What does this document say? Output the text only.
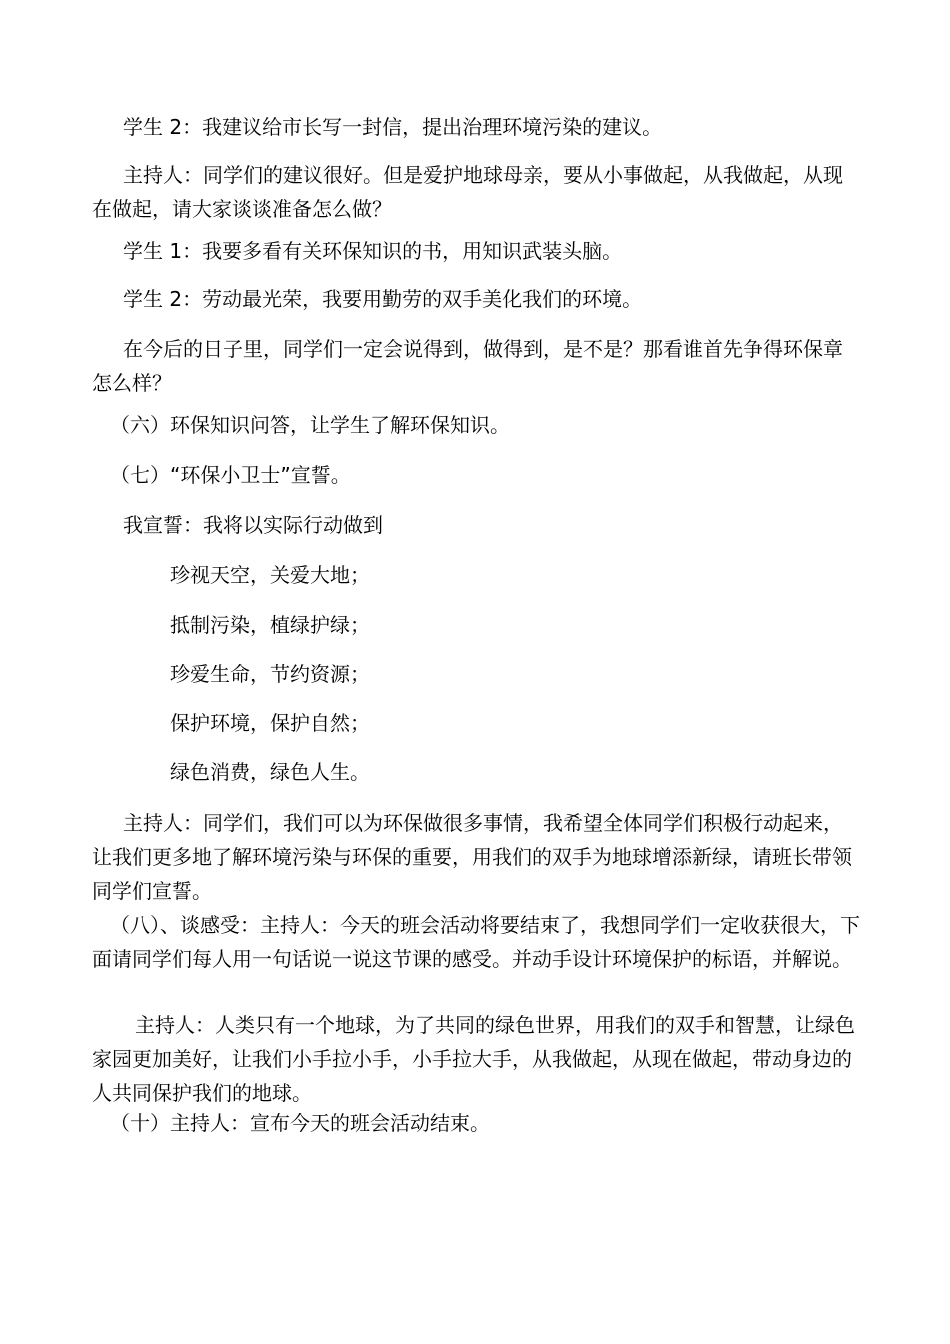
学生 2：我建议给市长写一封信，提出治理环境污染的建议。

主持人：同学们的建议很好。但是爱护地球母亲，要从小事做起，从我做起，从现在做起，请大家谈谈准备怎么做？

学生 1：我要多看有关环保知识的书，用知识武装头脑。

学生 2：劳动最光荣，我要用勤劳的双手美化我们的环境。

在今后的日子里，同学们一定会说得到，做得到，是不是？那看谁首先争得环保章怎么样？

（六）环保知识问答，让学生了解环保知识。

（七）“环保小卫士”宣誓。

我宣誓：我将以实际行动做到

珍视天空，关爱大地；

抵制污染，植绿护绿；

珍爱生命，节约资源；

保护环境，保护自然；

绿色消费，绿色人生。

主持人：同学们，我们可以为环保做很多事情，我希望全体同学们积极行动起来，让我们更多地了解环境污染与环保的重要，用我们的双手为地球增添新绿，请班长带领同学们宣誓。

（八）、谈感受：主持人：今天的班会活动将要结束了，我想同学们一定收获很大，下面请同学们每人用一句话说一说这节课的感受。并动手设计环境保护的标语，并解说。

主持人：人类只有一个地球，为了共同的绿色世界，用我们的双手和智慧，让绿色家园更加美好，让我们小手拉小手，小手拉大手，从我做起，从现在做起，带动身边的人共同保护我们的地球。

（十）主持人：宣布今天的班会活动结束。
